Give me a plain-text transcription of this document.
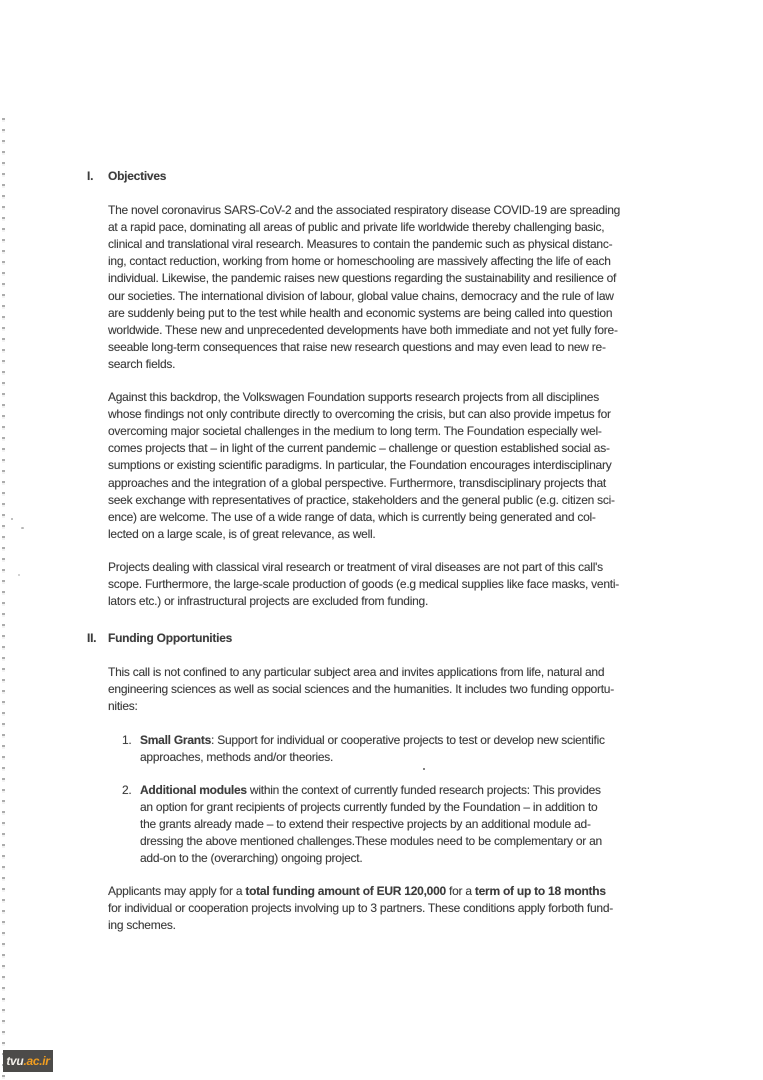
I. Objectives
The novel coronavirus SARS-CoV-2 and the associated respiratory disease COVID-19 are spreading
at a rapid pace, dominating all areas of public and private life worldwide thereby challenging basic,
clinical and translational viral research. Measures to contain the pandemic such as physical distanc-
ing, contact reduction, working from home or homeschooling are massively affecting the life of each
individual. Likewise, the pandemic raises new questions regarding the sustainability and resilience of
our societies. The international division of labour, global value chains, democracy and the rule of law
are suddenly being put to the test while health and economic systems are being called into question
worldwide. These new and unprecedented developments have both immediate and not yet fully fore-
seeable long-term consequences that raise new research questions and may even lead to new re-
search fields.
Against this backdrop, the Volkswagen Foundation supports research projects from all disciplines
whose findings not only contribute directly to overcoming the crisis, but can also provide impetus for
overcoming major societal challenges in the medium to long term. The Foundation especially wel-
comes projects that – in light of the current pandemic – challenge or question established social as-
sumptions or existing scientific paradigms. In particular, the Foundation encourages interdisciplinary
approaches and the integration of a global perspective. Furthermore, transdisciplinary projects that
seek exchange with representatives of practice, stakeholders and the general public (e.g. citizen sci-
ence) are welcome. The use of a wide range of data, which is currently being generated and col-
lected on a large scale, is of great relevance, as well.
Projects dealing with classical viral research or treatment of viral diseases are not part of this call's
scope. Furthermore, the large-scale production of goods (e.g medical supplies like face masks, venti-
lators etc.) or infrastructural projects are excluded from funding.
II. Funding Opportunities
This call is not confined to any particular subject area and invites applications from life, natural and
engineering sciences as well as social sciences and the humanities. It includes two funding opportu-
nities:
1. Small Grants: Support for individual or cooperative projects to test or develop new scientific
approaches, methods and/or theories.
2. Additional modules within the context of currently funded research projects: This provides
an option for grant recipients of projects currently funded by the Foundation – in addition to
the grants already made – to extend their respective projects by an additional module ad-
dressing the above mentioned challenges.These modules need to be complementary or an
add-on to the (overarching) ongoing project.
Applicants may apply for a total funding amount of EUR 120,000 for a term of up to 18 months
for individual or cooperation projects involving up to 3 partners. These conditions apply forboth fund-
ing schemes.
tvu .ac.ir
